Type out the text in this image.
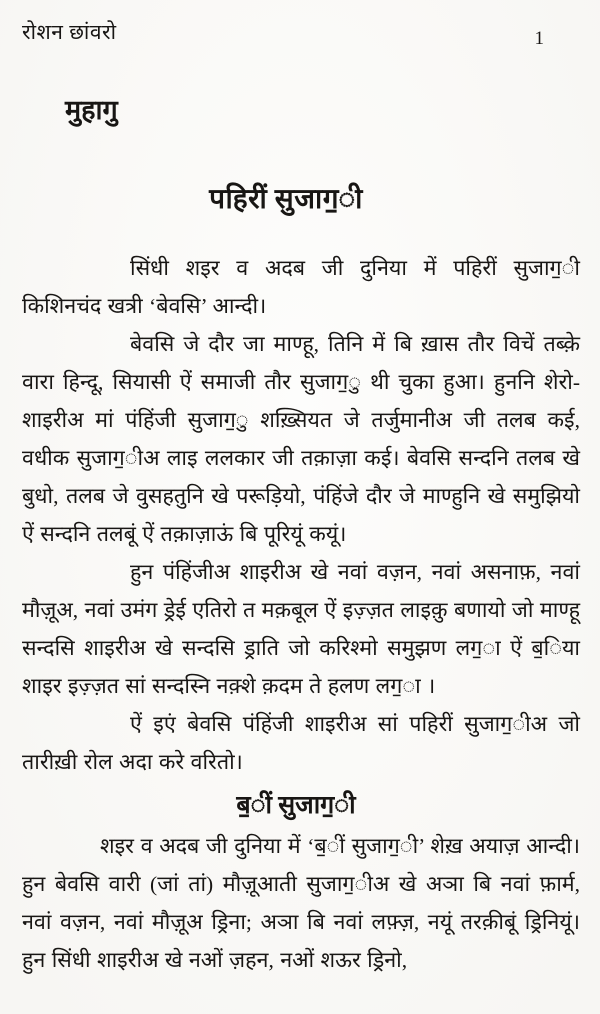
रोशन छांवरो	1
मुहागु
पहिरीं सुजाग॒ी

सिंधी शइर व अदब जी दुनिया में पहिरीं सुजाग॒ी किशिनचंद खत्री ‘बेवसि’ आन्दी।

बेवसि जे दौर जा माण्हू, तिनि में बि ख़ास तौर विचें तब्क़े वारा हिन्दू, सियासी ऐं समाजी तौर सुजाग॒ु थी चुका हुआ। हुननि शेरो-शाइरीअ मां पंहिंजी सुजाग॒ु शख़्सियत जे तर्जुमानीअ जी तलब कई, वधीक सुजाग॒ीअ लाइ ललकार जी तक़ाज़ा कई। बेवसि सन्दनि तलब खे बुधो, तलब जे वुसहतुनि खे परूड़ियो, पंहिंजे दौर जे माण्हुनि खे समुझियो ऐं सन्दनि तलबूं ऐं तक़ाज़ाऊं बि पूरियूं कयूं।

हुन पंहिंजीअ शाइरीअ खे नवां वज़न, नवां असनाफ़, नवां मौज़ूअ, नवां उमंग ड्रेई एतिरो त मक़बूल ऐं इज़्ज़त लाइक़ु बणायो जो माण्हू सन्दसि शाइरीअ खे सन्दसि ड्राति जो करिश्मो समुझण लग॒ा ऐं ब॒िया शाइर इज़्ज़त सां सन्दस्नि नक़्शे क़दम ते हलण लग॒ा ।

ऐं इएं बेवसि पंहिंजी शाइरीअ सां पहिरीं सुजाग॒ीअ जो तारीख़ी रोल अदा करे वरितो।

ब॒ीं सुजाग॒ी

शइर व अदब जी दुनिया में ‘ब॒ीं सुजाग॒ी’ शेख़ अयाज़ आन्दी। हुन बेवसि वारी (जां तां) मौज़ूआती सुजाग॒ीअ खे अञा बि नवां फ़ार्म, नवां वज़न, नवां मौज़ूअ ड्रिना; अञा बि नवां लफ़्ज़, नयूं तरक़ीबूं ड्रिनियूं। हुन सिंधी शाइरीअ खे नओं ज़हन, नओं शऊर ड्रिनो,
